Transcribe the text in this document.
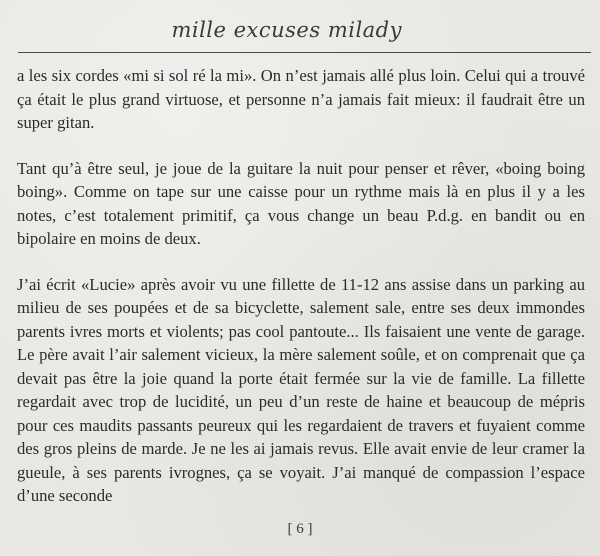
mille excuses milady

a les six cordes «mi si sol ré la mi». On n’est jamais allé plus loin. Celui qui a trouvé ça était le plus grand virtuose, et personne n’a jamais fait mieux: il faudrait être un super gitan.

Tant qu’à être seul, je joue de la guitare la nuit pour penser et rêver, «boing boing boing». Comme on tape sur une caisse pour un rythme mais là en plus il y a les notes, c’est totalement primitif, ça vous change un beau P.d.g. en bandit ou en bipolaire en moins de deux.

J’ai écrit «Lucie» après avoir vu une fillette de 11-12 ans assise dans un parking au milieu de ses poupées et de sa bicyclette, salement sale, entre ses deux immondes parents ivres morts et violents; pas cool pantoute... Ils faisaient une vente de garage. Le père avait l’air salement vicieux, la mère salement soûle, et on comprenait que ça devait pas être la joie quand la porte était fermée sur la vie de famille. La fillette regardait avec trop de lucidité, un peu d’un reste de haine et beaucoup de mépris pour ces maudits passants peureux qui les regardaient de travers et fuyaient comme des gros pleins de marde. Je ne les ai jamais revus. Elle avait envie de leur cramer la gueule, à ses parents ivrognes, ça se voyait. J’ai manqué de compassion l’espace d’une seconde

[ 6 ]
